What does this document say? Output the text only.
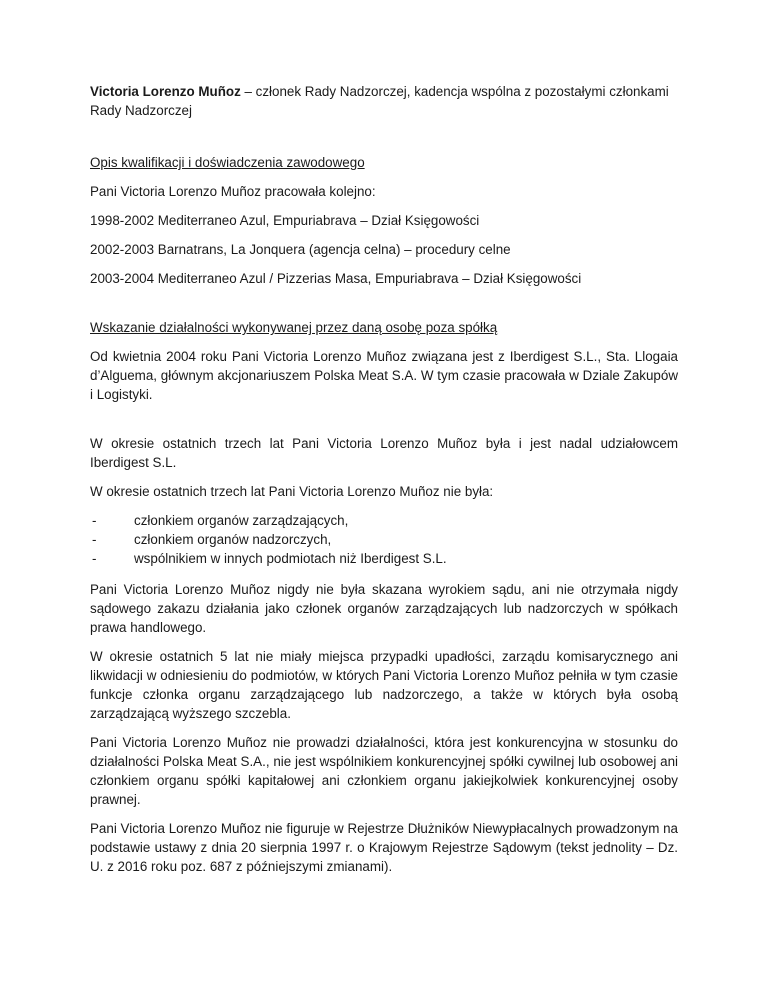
Victoria Lorenzo Muñoz – członek Rady Nadzorczej, kadencja wspólna z pozostałymi członkami Rady Nadzorczej

Opis kwalifikacji i doświadczenia zawodowego

Pani Victoria Lorenzo Muñoz pracowała kolejno:

1998-2002 Mediterraneo Azul, Empuriabrava – Dział Księgowości

2002-2003 Barnatrans, La Jonquera (agencja celna) – procedury celne

2003-2004 Mediterraneo Azul / Pizzerias Masa, Empuriabrava – Dział Księgowości

Wskazanie działalności wykonywanej przez daną osobę poza spółką

Od kwietnia 2004 roku Pani Victoria Lorenzo Muñoz związana jest z Iberdigest S.L., Sta. Llogaia d’Alguema, głównym akcjonariuszem Polska Meat S.A. W tym czasie pracowała w Dziale Zakupów i Logistyki.

W okresie ostatnich trzech lat Pani Victoria Lorenzo Muñoz była i jest nadal udziałowcem Iberdigest S.L.

W okresie ostatnich trzech lat Pani Victoria Lorenzo Muñoz nie była:

-	członkiem organów zarządzających,
-	członkiem organów nadzorczych,
-	wspólnikiem w innych podmiotach niż Iberdigest S.L.

Pani Victoria Lorenzo Muñoz nigdy nie była skazana wyrokiem sądu, ani nie otrzymała nigdy sądowego zakazu działania jako członek organów zarządzających lub nadzorczych w spółkach prawa handlowego.

W okresie ostatnich 5 lat nie miały miejsca przypadki upadłości, zarządu komisarycznego ani likwidacji w odniesieniu do podmiotów, w których Pani Victoria Lorenzo Muñoz pełniła w tym czasie funkcje członka organu zarządzającego lub nadzorczego, a także w których była osobą zarządzającą wyższego szczebla.

Pani Victoria Lorenzo Muñoz nie prowadzi działalności, która jest konkurencyjna w stosunku do działalności Polska Meat S.A., nie jest wspólnikiem konkurencyjnej spółki cywilnej lub osobowej ani członkiem organu spółki kapitałowej ani członkiem organu jakiejkolwiek konkurencyjnej osoby prawnej.

Pani Victoria Lorenzo Muñoz nie figuruje w Rejestrze Dłużników Niewypłacalnych prowadzonym na podstawie ustawy z dnia 20 sierpnia 1997 r. o Krajowym Rejestrze Sądowym (tekst jednolity – Dz. U. z 2016 roku poz. 687 z późniejszymi zmianami).
